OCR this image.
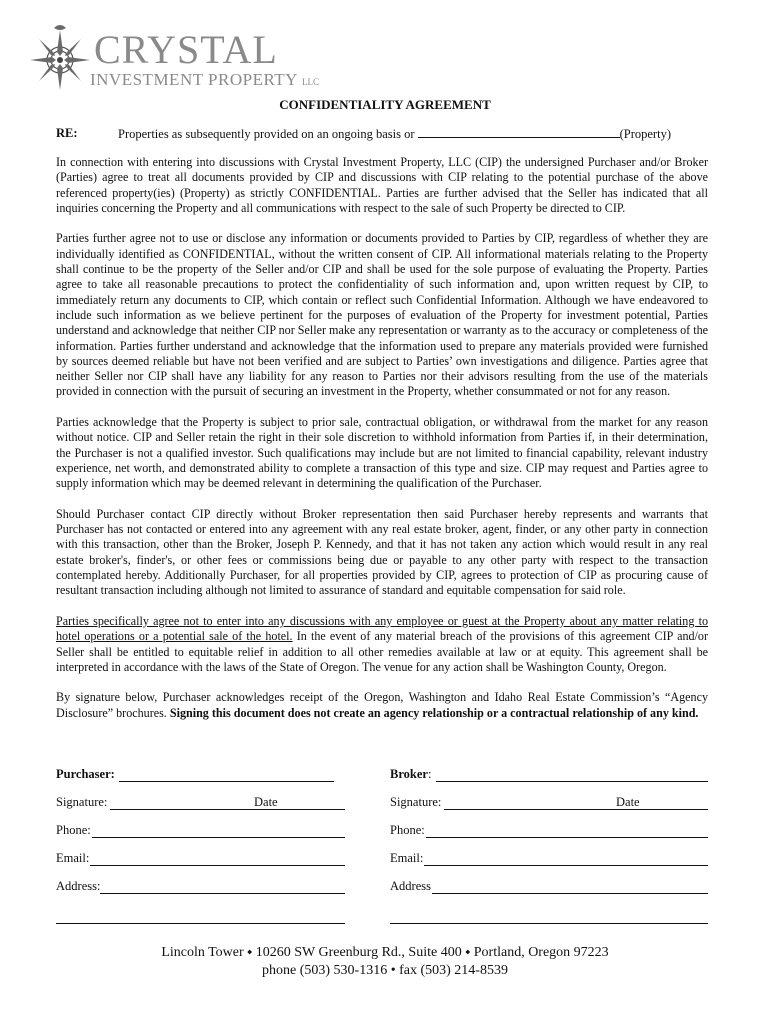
CRYSTAL
INVESTMENT PROPERTY LLC
CONFIDENTIALITY AGREEMENT
RE:	Properties as subsequently provided on an ongoing basis or	(Property)

In connection with entering into discussions with Crystal Investment Property, LLC (CIP) the undersigned Purchaser and/or Broker (Parties) agree to treat all documents provided by CIP and discussions with CIP relating to the potential purchase of the above referenced property(ies) (Property) as strictly CONFIDENTIAL. Parties are further advised that the Seller has indicated that all inquiries concerning the Property and all communications with respect to the sale of such Property be directed to CIP.

Parties further agree not to use or disclose any information or documents provided to Parties by CIP, regardless of whether they are individually identified as CONFIDENTIAL, without the written consent of CIP. All informational materials relating to the Property shall continue to be the property of the Seller and/or CIP and shall be used for the sole purpose of evaluating the Property. Parties agree to take all reasonable precautions to protect the confidentiality of such information and, upon written request by CIP, to immediately return any documents to CIP, which contain or reflect such Confidential Information. Although we have endeavored to include such information as we believe pertinent for the purposes of evaluation of the Property for investment potential, Parties understand and acknowledge that neither CIP nor Seller make any representation or warranty as to the accuracy or completeness of the information. Parties further understand and acknowledge that the information used to prepare any materials provided were furnished by sources deemed reliable but have not been verified and are subject to Parties’ own investigations and diligence. Parties agree that neither Seller nor CIP shall have any liability for any reason to Parties nor their advisors resulting from the use of the materials provided in connection with the pursuit of securing an investment in the Property, whether consummated or not for any reason.

Parties acknowledge that the Property is subject to prior sale, contractual obligation, or withdrawal from the market for any reason without notice. CIP and Seller retain the right in their sole discretion to withhold information from Parties if, in their determination, the Purchaser is not a qualified investor. Such qualifications may include but are not limited to financial capability, relevant industry experience, net worth, and demonstrated ability to complete a transaction of this type and size. CIP may request and Parties agree to supply information which may be deemed relevant in determining the qualification of the Purchaser.

Should Purchaser contact CIP directly without Broker representation then said Purchaser hereby represents and warrants that Purchaser has not contacted or entered into any agreement with any real estate broker, agent, finder, or any other party in connection with this transaction, other than the Broker, Joseph P. Kennedy, and that it has not taken any action which would result in any real estate broker's, finder's, or other fees or commissions being due or payable to any other party with respect to the transaction contemplated hereby. Additionally Purchaser, for all properties provided by CIP, agrees to protection of CIP as procuring cause of resultant transaction including although not limited to assurance of standard and equitable compensation for said role.

Parties specifically agree not to enter into any discussions with any employee or guest at the Property about any matter relating to hotel operations or a potential sale of the hotel. In the event of any material breach of the provisions of this agreement CIP and/or Seller shall be entitled to equitable relief in addition to all other remedies available at law or at equity. This agreement shall be interpreted in accordance with the laws of the State of Oregon. The venue for any action shall be Washington County, Oregon.

By signature below, Purchaser acknowledges receipt of the Oregon, Washington and Idaho Real Estate Commission’s “Agency Disclosure” brochures. Signing this document does not create an agency relationship or a contractual relationship of any kind.

Purchaser:	Broker:
Signature:	Date	Signature:	Date
Phone:	Phone:
Email:	Email:
Address:	Address
Lincoln Tower ⬩ 10260 SW Greenburg Rd., Suite 400 ⬩ Portland, Oregon 97223
phone (503) 530-1316 • fax (503) 214-8539
